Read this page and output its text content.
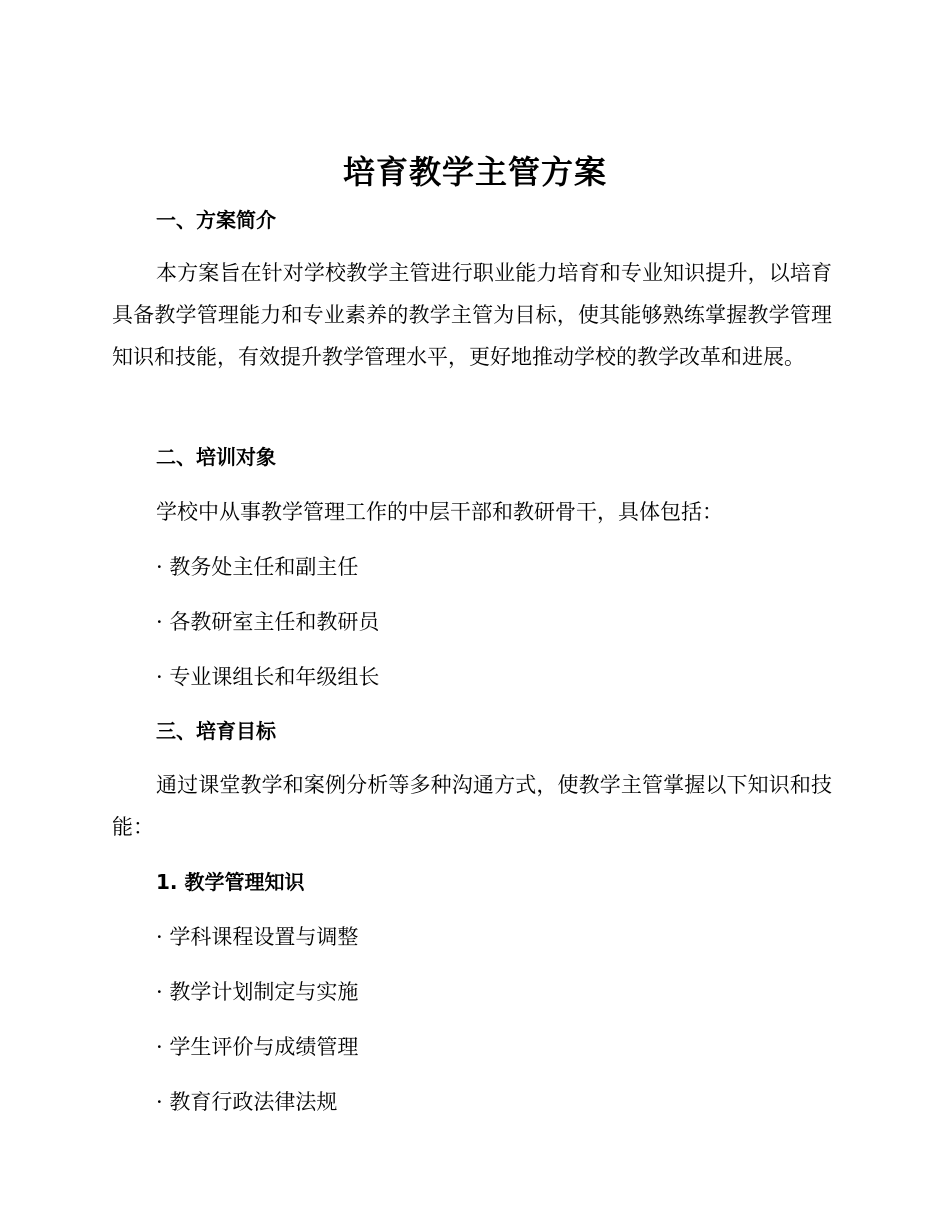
培育教学主管方案
一、方案简介
本方案旨在针对学校教学主管进行职业能力培育和专业知识提升，以培育具备教学管理能力和专业素养的教学主管为目标，使其能够熟练掌握教学管理知识和技能，有效提升教学管理水平，更好地推动学校的教学改革和进展。
二、培训对象
学校中从事教学管理工作的中层干部和教研骨干，具体包括：
· 教务处主任和副主任
· 各教研室主任和教研员
· 专业课组长和年级组长
三、培育目标
通过课堂教学和案例分析等多种沟通方式，使教学主管掌握以下知识和技能：
1. 教学管理知识
· 学科课程设置与调整
· 教学计划制定与实施
· 学生评价与成绩管理
· 教育行政法律法规
